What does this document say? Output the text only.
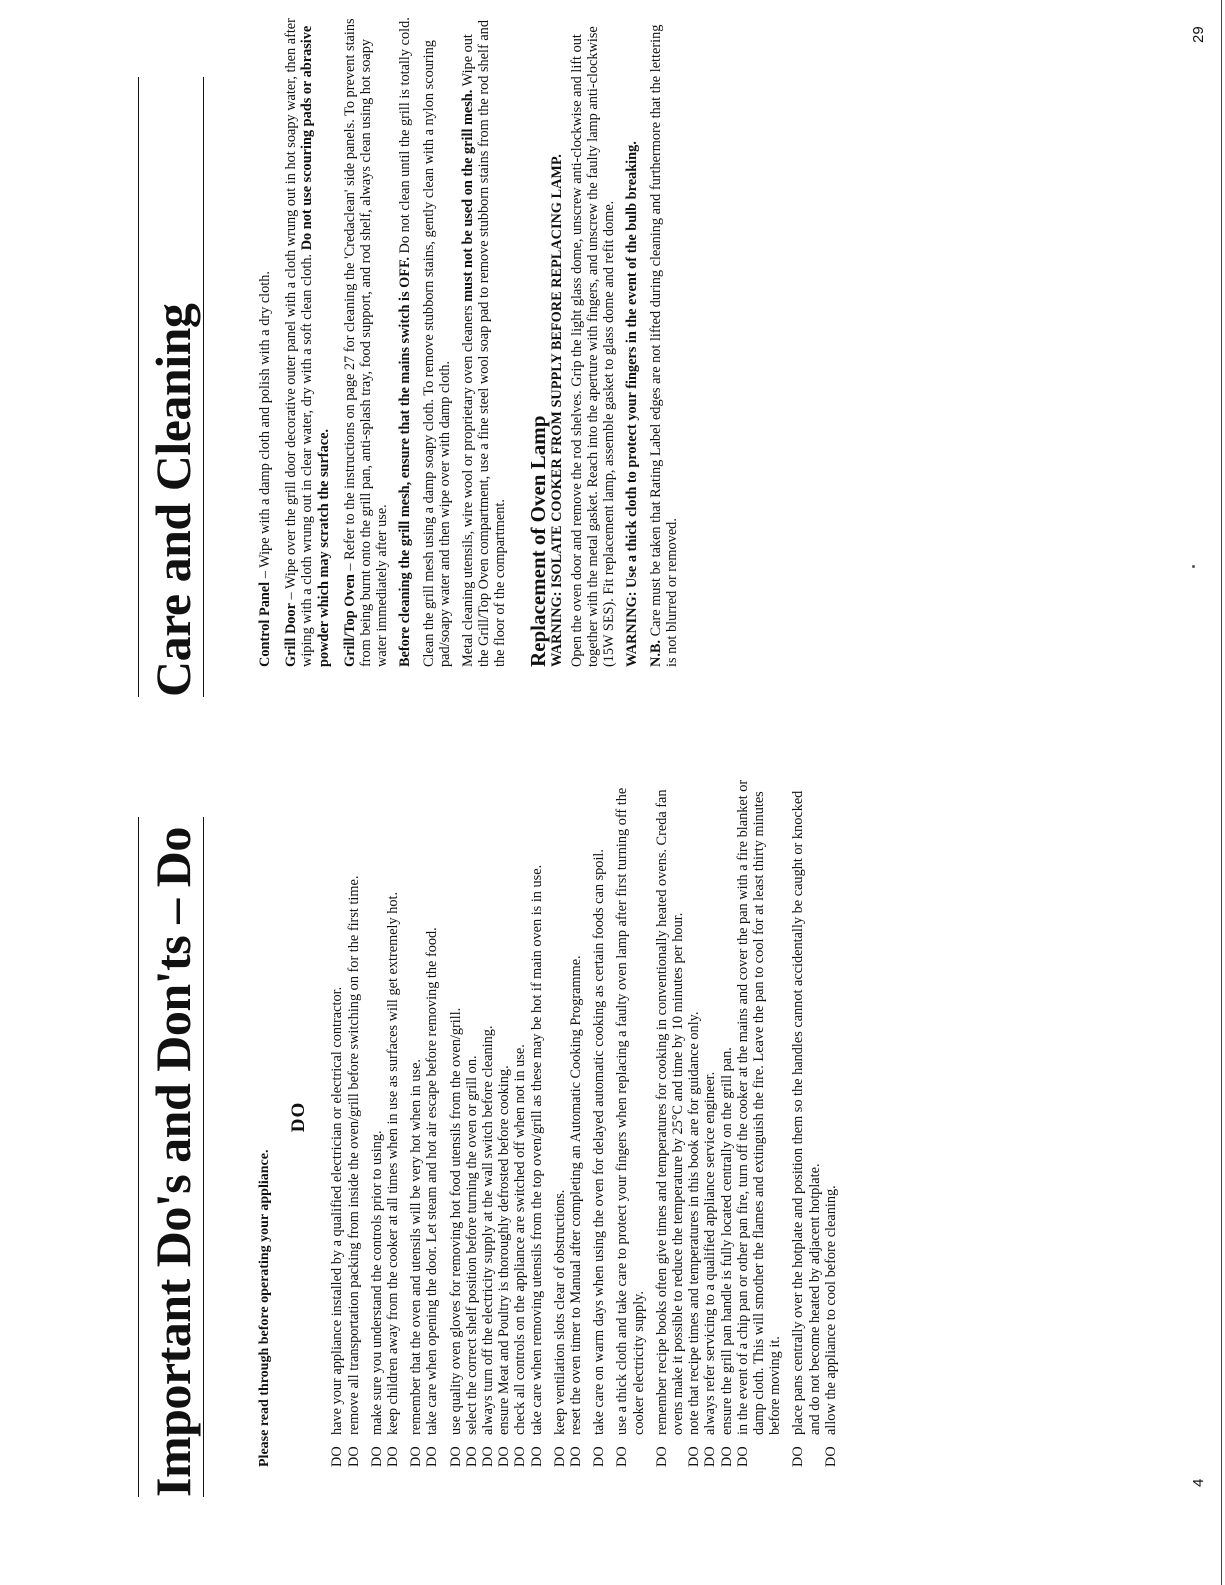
Important Do's and Don'ts – Do	Please read through before operating your appliance.

DO

DO
have your appliance installed by a qualified electrician or electrical contractor.
DO
remove all transportation packing from inside the oven/grill before switching on for the first time.
DO
make sure you understand the controls prior to using.
DO
keep children away from the cooker at all times when in use as surfaces will get extremely hot.
DO
remember that the oven and utensils will be very hot when in use.
DO
take care when opening the door. Let steam and hot air escape before removing the food.
DO
use quality oven gloves for removing hot food utensils from the oven/grill.
DO
select the correct shelf position before turning the oven or grill on.
DO
always turn off the electricity supply at the wall switch before cleaning.
DO
ensure Meat and Poultry is thoroughly defrosted before cooking.
DO
check all controls on the appliance are switched off when not in use.
DO
take care when removing utensils from the top oven/grill as these may be hot if main oven is in use.
DO
keep ventilation slots clear of obstructions.
DO
reset the oven timer to Manual after completing an Automatic Cooking Programme.
DO
take care on warm days when using the oven for delayed automatic cooking as certain foods can spoil.
DO
use a thick cloth and take care to protect your fingers when replacing a faulty oven lamp after first turning off the cooker electricity supply.
DO
remember recipe books often give times and temperatures for cooking in conventionally heated ovens. Creda fan ovens make it possible to reduce the temperature by 25°C and time by 10 minutes per hour.
DO
note that recipe times and temperatures in this book are for guidance only.
DO
always refer servicing to a qualified appliance service engineer.
DO
ensure the grill pan handle is fully located centrally on the grill pan.
DO
in the event of a chip pan or other pan fire, turn off the cooker at the mains and cover the pan with a fire blanket or damp cloth. This will smother the flames and extinguish the fire. Leave the pan to cool for at least thirty minutes before moving it.
DO
place pans centrally over the hotplate and position them so the handles cannot accidentally be caught or knocked and do not become heated by adjacent hotplate.
DO
allow the appliance to cool before cleaning.
4
Care and Cleaning	Control Panel – Wipe with a damp cloth and polish with a dry cloth.

Grill Door – Wipe over the grill door decorative outer panel with a cloth wrung out in hot soapy water, then after wiping with a cloth wrung out in clear water, dry with a soft clean cloth. Do not use scouring pads or abrasive powder which may scratch the surface. Grill/Top Oven – Refer to the instructions on page 27 for cleaning the 'Credaclean' side panels. To prevent stains from being burnt onto the grill pan, anti-splash tray, food support, and rod shelf, always clean using hot soapy water immediately after use. Before cleaning the grill mesh, ensure that the mains switch is OFF. Do not clean until the grill is totally cold. Clean the grill mesh using a damp soapy cloth. To remove stubborn stains, gently clean with a nylon scouring pad/soapy water and then wipe over with damp cloth. Metal cleaning utensils, wire wool or proprietary oven cleaners must not be used on the grill mesh. Wipe out the Grill/Top Oven compartment, use a fine steel wool soap pad to remove stubborn stains from the rod shelf and the floor of the compartment. Replacement of Oven Lamp WARNING: ISOLATE COOKER FROM SUPPLY BEFORE REPLACING LAMP. Open the oven door and remove the rod shelves. Grip the light glass dome, unscrew anti-clockwise and lift out together with the metal gasket. Reach into the aperture with fingers, and unscrew the faulty lamp anti-clockwise (15W SES). Fit replacement lamp, assemble gasket to glass dome and refit dome. WARNING: Use a thick cloth to protect your fingers in the event of the bulb breaking. N.B. Care must be taken that Rating Label edges are not lifted during cleaning and furthermore that the lettering is not blurred or removed.

29
